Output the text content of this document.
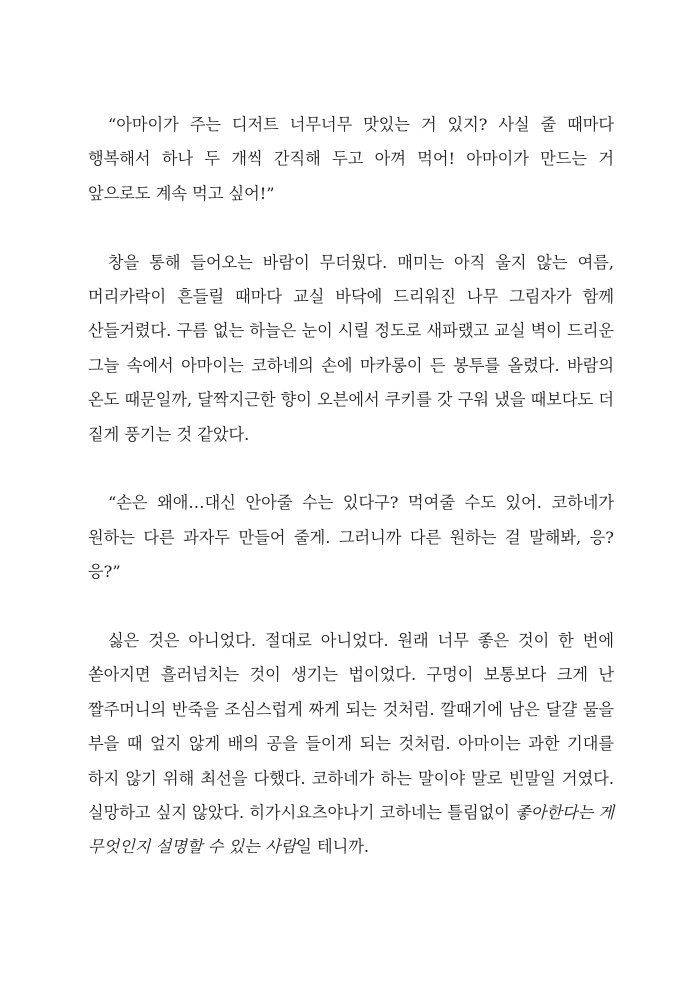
“아마이가 주는 디저트 너무너무 맛있는 거 있지? 사실 줄 때마다 행복해서 하나 두 개씩 간직해 두고 아껴 먹어! 아마이가 만드는 거 앞으로도 계속 먹고 싶어!”

창을 통해 들어오는 바람이 무더웠다. 매미는 아직 울지 않는 여름, 머리카락이 흔들릴 때마다 교실 바닥에 드리워진 나무 그림자가 함께 산들거렸다. 구름 없는 하늘은 눈이 시릴 정도로 새파랬고 교실 벽이 드리운 그늘 속에서 아마이는 코하네의 손에 마카롱이 든 봉투를 올렸다. 바람의 온도 때문일까, 달짝지근한 향이 오븐에서 쿠키를 갓 구워 냈을 때보다도 더 짙게 풍기는 것 같았다.

“손은 왜애…대신 안아줄 수는 있다구? 먹여줄 수도 있어. 코하네가 원하는 다른 과자두 만들어 줄게. 그러니까 다른 원하는 걸 말해봐, 응? 응?”

싫은 것은 아니었다. 절대로 아니었다. 원래 너무 좋은 것이 한 번에 쏟아지면 흘러넘치는 것이 생기는 법이었다. 구멍이 보통보다 크게 난 짤주머니의 반죽을 조심스럽게 짜게 되는 것처럼. 깔때기에 남은 달걀 물을 부을 때 엎지 않게 배의 공을 들이게 되는 것처럼. 아마이는 과한 기대를 하지 않기 위해 최선을 다했다. 코하네가 하는 말이야 말로 빈말일 거였다. 실망하고 싶지 않았다. 히가시요츠야나기 코하네는 틀림없이 좋아한다는 게 무엇인지 설명할 수 있는 사람일 테니까.
